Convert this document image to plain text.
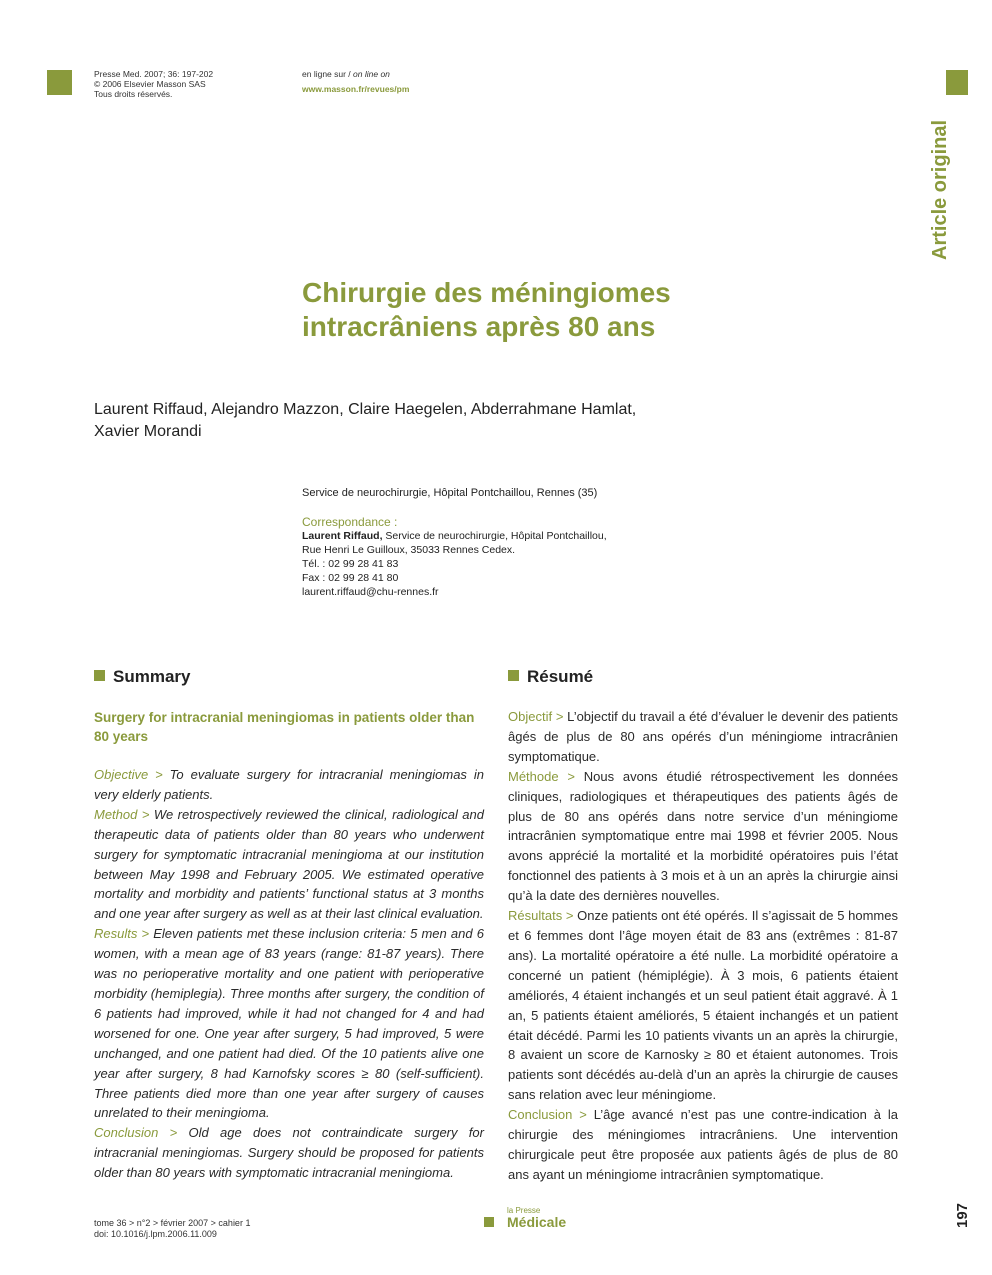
Presse Med. 2007; 36: 197-202
© 2006 Elsevier Masson SAS
Tous droits réservés.
en ligne sur / on line on
www.masson.fr/revues/pm
Article original
Chirurgie des méningiomes
intracrâniens après 80 ans
Laurent Riffaud, Alejandro Mazzon, Claire Haegelen, Abderrahmane Hamlat,
Xavier Morandi
Service de neurochirurgie, Hôpital Pontchaillou, Rennes (35)
Correspondance :
Laurent Riffaud, Service de neurochirurgie, Hôpital Pontchaillou,
Rue Henri Le Guilloux, 35033 Rennes Cedex.
Tél. : 02 99 28 41 83
Fax : 02 99 28 41 80
laurent.riffaud@chu-rennes.fr
Summary
Surgery for intracranial meningiomas in patients older than 80 years

Objective > To evaluate surgery for intracranial meningiomas in very elderly patients.

Method > We retrospectively reviewed the clinical, radiological and therapeutic data of patients older than 80 years who underwent surgery for symptomatic intracranial meningioma at our institution between May 1998 and February 2005. We estimated operative mortality and morbidity and patients’ functional status at 3 months and one year after surgery as well as at their last clinical evaluation.

Results > Eleven patients met these inclusion criteria: 5 men and 6 women, with a mean age of 83 years (range: 81-87 years). There was no perioperative mortality and one patient with perioperative morbidity (hemiplegia). Three months after surgery, the condition of 6 patients had improved, while it had not changed for 4 and had worsened for one. One year after surgery, 5 had improved, 5 were unchanged, and one patient had died. Of the 10 patients alive one year after surgery, 8 had Karnofsky scores ≥ 80 (self-sufficient). Three patients died more than one year after surgery of causes unrelated to their meningioma.

Conclusion > Old age does not contraindicate surgery for intracranial meningiomas. Surgery should be proposed for patients older than 80 years with symptomatic intracranial meningioma.

Résumé

Objectif > L’objectif du travail a été d’évaluer le devenir des patients âgés de plus de 80 ans opérés d’un méningiome intracrânien symptomatique.

Méthode > Nous avons étudié rétrospectivement les données cliniques, radiologiques et thérapeutiques des patients âgés de plus de 80 ans opérés dans notre service d’un méningiome intracrânien symptomatique entre mai 1998 et février 2005. Nous avons apprécié la mortalité et la morbidité opératoires puis l’état fonctionnel des patients à 3 mois et à un an après la chirurgie ainsi qu’à la date des dernières nouvelles.

Résultats > Onze patients ont été opérés. Il s’agissait de 5 hommes et 6 femmes dont l’âge moyen était de 83 ans (extrêmes : 81-87 ans). La mortalité opératoire a été nulle. La morbidité opératoire a concerné un patient (hémiplégie). À 3 mois, 6 patients étaient améliorés, 4 étaient inchangés et un seul patient était aggravé. À 1 an, 5 patients étaient améliorés, 5 étaient inchangés et un patient était décédé. Parmi les 10 patients vivants un an après la chirurgie, 8 avaient un score de Karnosky ≥ 80 et étaient autonomes. Trois patients sont décédés au-delà d’un an après la chirurgie de causes sans relation avec leur méningiome.

Conclusion > L’âge avancé n’est pas une contre-indication à la chirurgie des méningiomes intracrâniens. Une intervention chirurgicale peut être proposée aux patients âgés de plus de 80 ans ayant un méningiome intracrânien symptomatique.

tome 36 > n°2 > février 2007 > cahier 1
doi: 10.1016/j.lpm.2006.11.009
la Presse
Médicale	197
